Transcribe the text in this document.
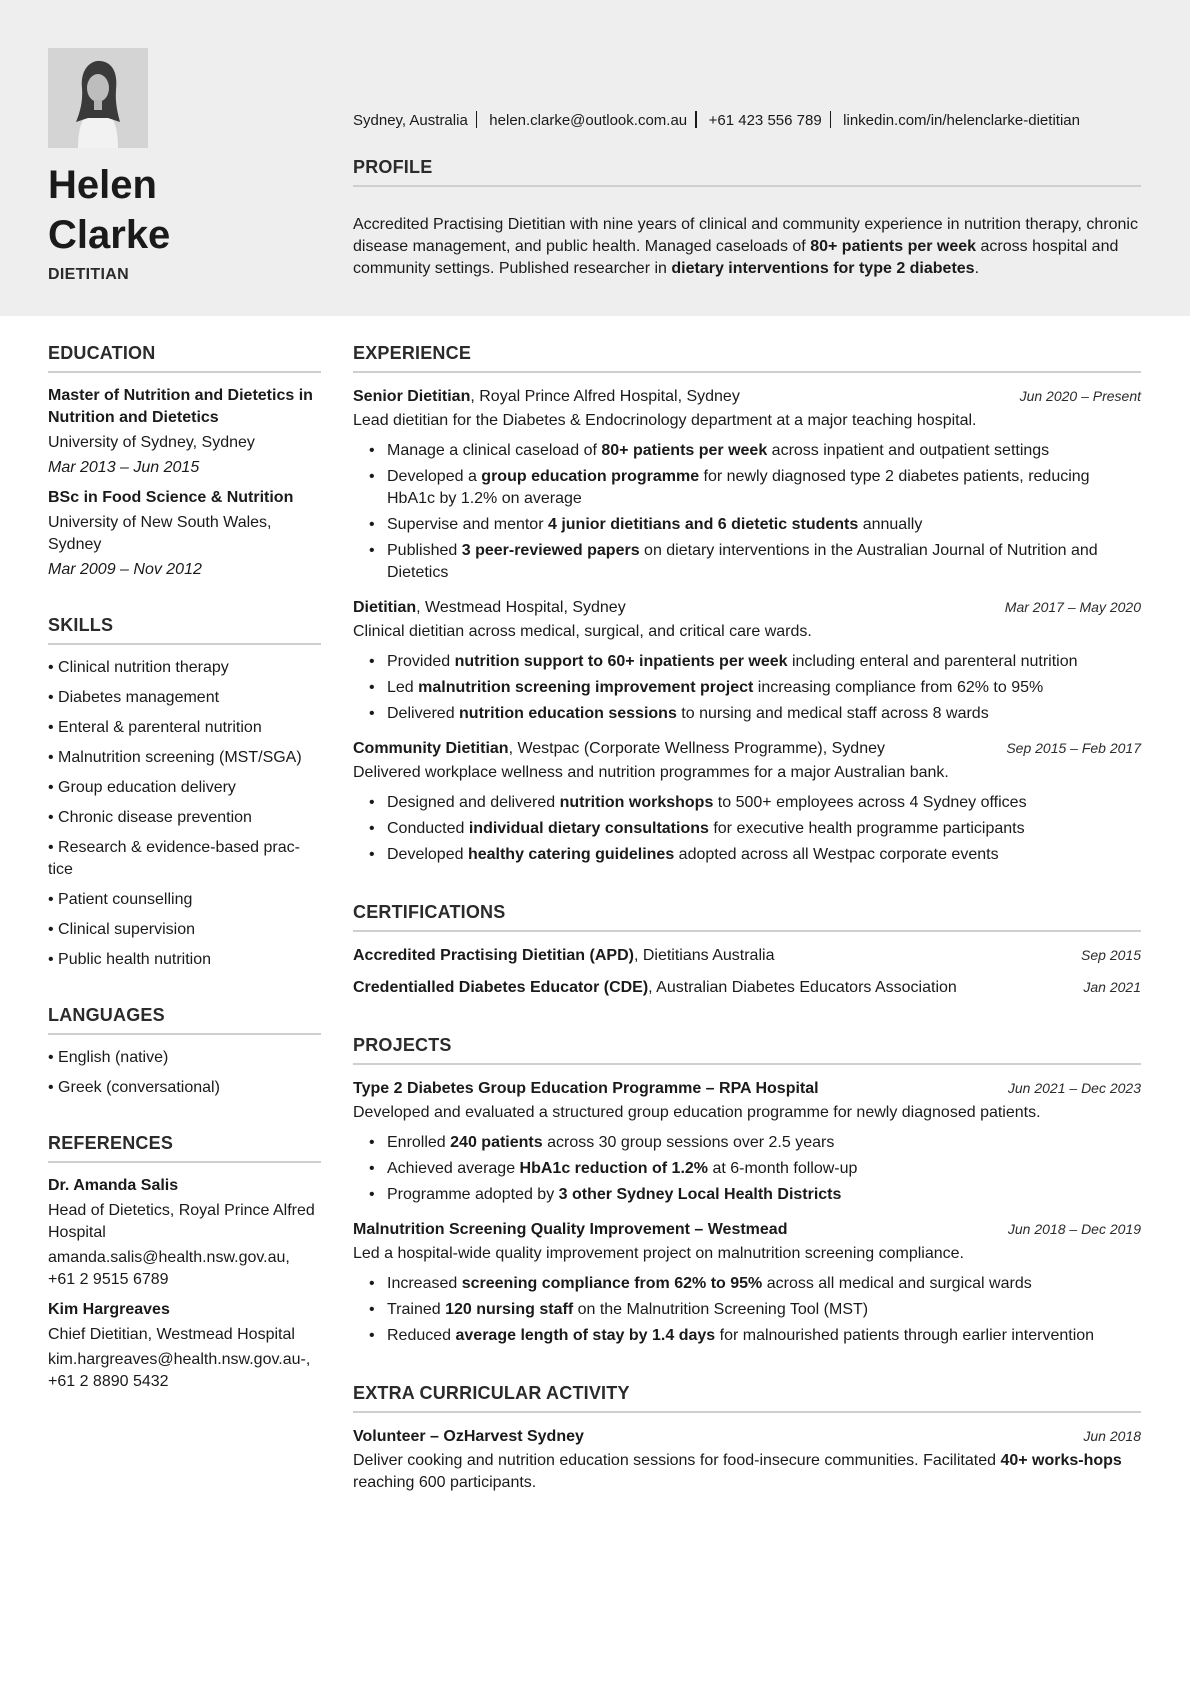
Helen
Clarke
DIETITIAN
Sydney, Australia helen.clarke@outlook.com.au +61 423 556 789 linkedin.com/in/helenclarke-dietitian
PROFILE

Accredited Practising Dietitian with nine years of clinical and community experience in nutrition therapy, chronic disease management, and public health. Managed caseloads of 80+ patients per week across hospital and community settings. Published researcher in dietary interventions for type 2 diabetes.

EDUCATION
Master of Nutrition and Dietetics in Nutrition and Dietetics
University of Sydney, Sydney
Mar 2013 – Jun 2015
BSc in Food Science & Nutrition
University of New South Wales, Sydney
Mar 2009 – Nov 2012
SKILLS
• Clinical nutrition therapy
• Diabetes management
• Enteral & parenteral nutrition
• Malnutrition screening (MST/SGA)
• Group education delivery
• Chronic disease prevention
• Research & evidence-based prac-tice
• Patient counselling
• Clinical supervision
• Public health nutrition
LANGUAGES
• English (native)
• Greek (conversational)
REFERENCES
Dr. Amanda Salis
Head of Dietetics, Royal Prince Alfred Hospital
amanda.salis@health.nsw.gov.au, +61 2 9515 6789
Kim Hargreaves
Chief Dietitian, Westmead Hospital
kim.hargreaves@health.nsw.gov.au-, +61 2 8890 5432
EXPERIENCE
Senior Dietitian, Royal Prince Alfred Hospital, Sydney	Jun 2020 – Present
Lead dietitian for the Diabetes & Endocrinology department at a major teaching hospital.
• Manage a clinical caseload of 80+ patients per week across inpatient and outpatient settings
• Developed a group education programme for newly diagnosed type 2 diabetes patients, reducing HbA1c by 1.2% on average
• Supervise and mentor 4 junior dietitians and 6 dietetic students annually
• Published 3 peer-reviewed papers on dietary interventions in the Australian Journal of Nutrition and Dietetics
Dietitian, Westmead Hospital, Sydney	Mar 2017 – May 2020
Clinical dietitian across medical, surgical, and critical care wards.
• Provided nutrition support to 60+ inpatients per week including enteral and parenteral nutrition
• Led malnutrition screening improvement project increasing compliance from 62% to 95%
• Delivered nutrition education sessions to nursing and medical staff across 8 wards
Community Dietitian, Westpac (Corporate Wellness Programme), Sydney	Sep 2015 – Feb 2017
Delivered workplace wellness and nutrition programmes for a major Australian bank.
• Designed and delivered nutrition workshops to 500+ employees across 4 Sydney offices
• Conducted individual dietary consultations for executive health programme participants
• Developed healthy catering guidelines adopted across all Westpac corporate events
CERTIFICATIONS
Accredited Practising Dietitian (APD), Dietitians Australia	Sep 2015
Credentialled Diabetes Educator (CDE), Australian Diabetes Educators Association	Jan 2021
PROJECTS
Type 2 Diabetes Group Education Programme – RPA Hospital	Jun 2021 – Dec 2023
Developed and evaluated a structured group education programme for newly diagnosed patients.
• Enrolled 240 patients across 30 group sessions over 2.5 years
• Achieved average HbA1c reduction of 1.2% at 6-month follow-up
• Programme adopted by 3 other Sydney Local Health Districts
Malnutrition Screening Quality Improvement – Westmead	Jun 2018 – Dec 2019
Led a hospital-wide quality improvement project on malnutrition screening compliance.
• Increased screening compliance from 62% to 95% across all medical and surgical wards
• Trained 120 nursing staff on the Malnutrition Screening Tool (MST)
• Reduced average length of stay by 1.4 days for malnourished patients through earlier intervention
EXTRA CURRICULAR ACTIVITY
Volunteer – OzHarvest Sydney	Jun 2018
Deliver cooking and nutrition education sessions for food-insecure communities. Facilitated 40+ works-hops reaching 600 participants.
